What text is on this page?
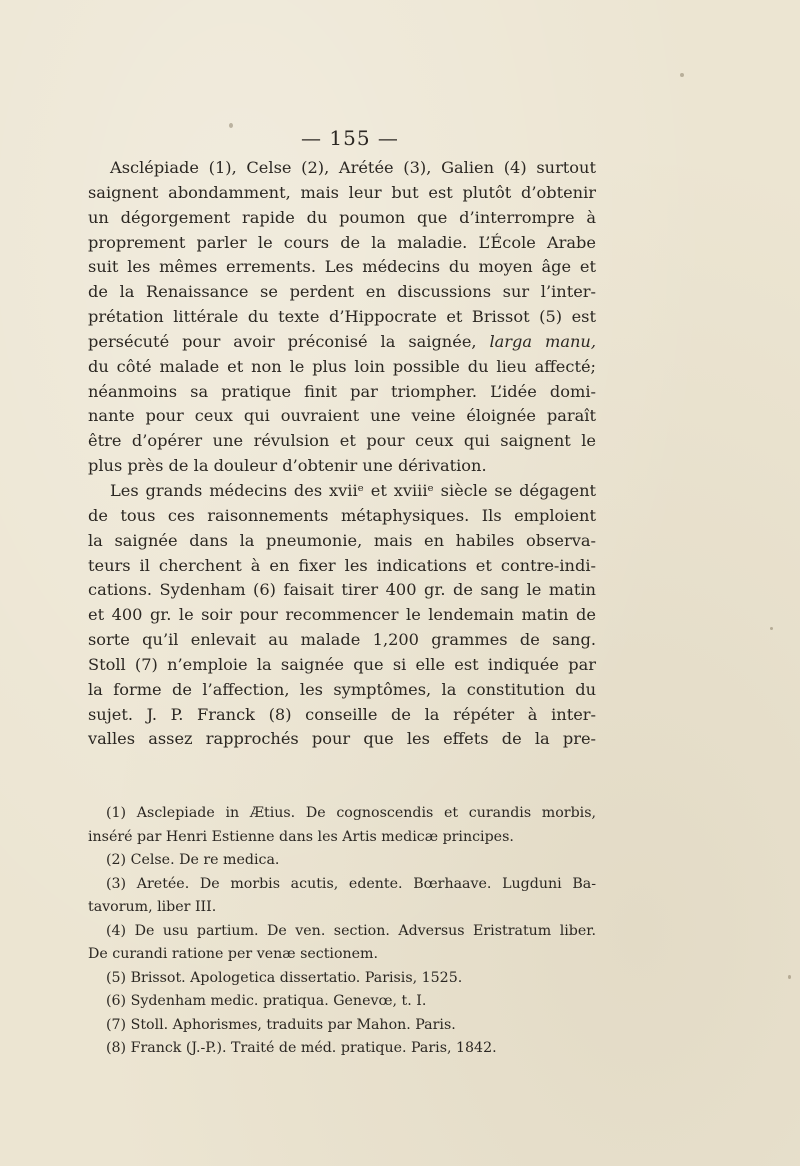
— 155 —
Asclépiade (1), Celse (2), Arétée (3), Galien (4) surtout
saignent abondamment, mais leur but est plutôt d’obtenir
un dégorgement rapide du poumon que d’interrompre à
proprement parler le cours de la maladie. L’École Arabe
suit les mêmes errements. Les médecins du moyen âge et
de la Renaissance se perdent en discussions sur l’inter-
prétation littérale du texte d’Hippocrate et Brissot (5) est
persécuté pour avoir préconisé la saignée, larga manu,
du côté malade et non le plus loin possible du lieu affecté;
néanmoins sa pratique finit par triompher. L’idée domi-
nante pour ceux qui ouvraient une veine éloignée paraît
être d’opérer une révulsion et pour ceux qui saignent le
plus près de la douleur d’obtenir une dérivation.
Les grands médecins des xviiᵉ et xviiiᵉ siècle se dégagent
de tous ces raisonnements métaphysiques. Ils emploient
la saignée dans la pneumonie, mais en habiles observa-
teurs il cherchent à en fixer les indications et contre-indi-
cations. Sydenham (6) faisait tirer 400 gr. de sang le matin
et 400 gr. le soir pour recommencer le lendemain matin de
sorte qu’il enlevait au malade 1,200 grammes de sang.
Stoll (7) n’emploie la saignée que si elle est indiquée par
la forme de l’affection, les symptômes, la constitution du
sujet. J. P. Franck (8) conseille de la répéter à inter-
valles assez rapprochés pour que les effets de la pre-
(1) Asclepiade in Ætius. De cognoscendis et curandis morbis,
inséré par Henri Estienne dans les Artis medicæ principes.
(2) Celse. De re medica.
(3) Aretée. De morbis acutis, edente. Bœrhaave. Lugduni Ba-
tavorum, liber III.
(4) De usu partium. De ven. section. Adversus Eristratum liber.
De curandi ratione per venæ sectionem.
(5) Brissot. Apologetica dissertatio. Parisis, 1525.
(6) Sydenham medic. pratiqua. Genevœ, t. I.
(7) Stoll. Aphorismes, traduits par Mahon. Paris.
(8) Franck (J.-P.). Traité de méd. pratique. Paris, 1842.
